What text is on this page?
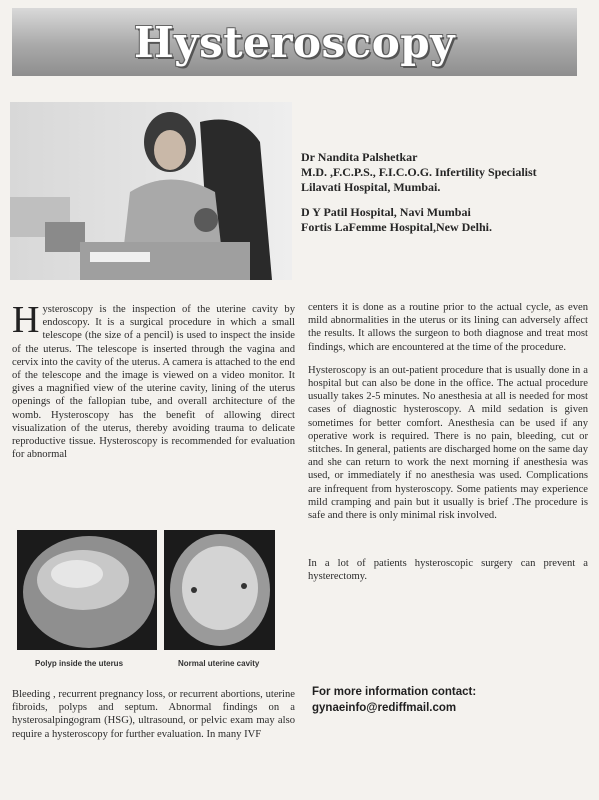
Hysteroscopy

Dr Nandita Palshetkar

M.D. ,F.C.P.S., F.I.C.O.G. Infertility Specialist

Lilavati Hospital, Mumbai.

D Y Patil Hospital, Navi Mumbai

Fortis LaFemme Hospital,New Delhi.

Hysteroscopy is the inspection of the uterine cavity by endoscopy. It is a surgical procedure in which a small telescope (the size of a pencil) is used to inspect the inside of the uterus. The telescope is inserted through the vagina and cervix into the cavity of the uterus. A camera is attached to the end of the telescope and the image is viewed on a video monitor. It gives a magnified view of the uterine cavity, lining of the uterus openings of the fallopian tube, and overall architecture of the womb. Hysteroscopy has the benefit of allowing direct visualization of the uterus, thereby avoiding trauma to delicate reproductive tissue. Hysteroscopy is recommended for evaluation for abnormal

Polyp inside the uterus	Normal uterine cavity

Bleeding , recurrent pregnancy loss, or recurrent abortions, uterine fibroids, polyps and septum. Abnormal findings on a hysterosalpingogram (HSG), ultrasound, or pelvic exam may also require a hysteroscopy for further evaluation. In many IVF

centers it is done as a routine prior to the actual cycle, as even mild abnormalities in the uterus or its lining can adversely affect the results. It allows the surgeon to both diagnose and treat most findings, which are encountered at the time of the procedure.

Hysteroscopy is an out-patient procedure that is usually done in a hospital but can also be done in the office. The actual procedure usually takes 2-5 minutes. No anesthesia at all is needed for most cases of diagnostic hysteroscopy. A mild sedation is given sometimes for better comfort. Anesthesia can be used if any operative work is required. There is no pain, bleeding, cut or stitches. In general, patients are discharged home on the same day and she can return to work the next morning if anesthesia was used, or immediately if no anesthesia was used. Complications are infrequent from hysteroscopy. Some patients may experience mild cramping and pain but it usually is brief .The procedure is safe and there is only minimal risk involved.

In a lot of patients hysteroscopic surgery can prevent a hysterectomy.

For more information contact:

gynaeinfo@rediffmail.com
